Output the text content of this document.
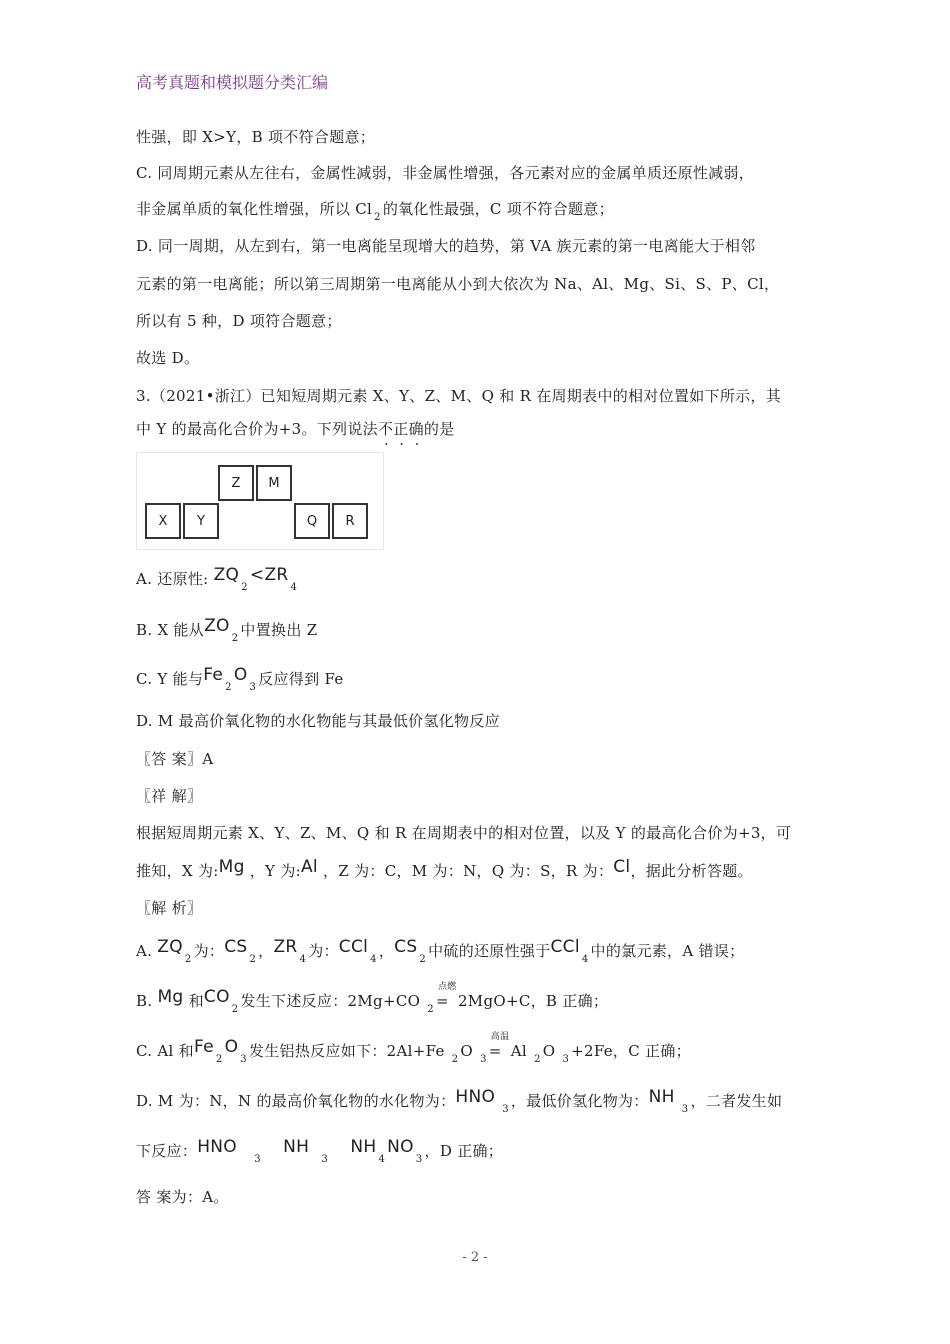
高考真题和模拟题分类汇编
性强，即 X>Y，B 项不符合题意；
C. 同周期元素从左往右，金属性减弱，非金属性增强，各元素对应的金属单质还原性减弱，
非金属单质的氧化性增强，所以 Cl $_2$ 的氧化性最强，C 项不符合题意；
D. 同一周期，从左到右，第一电离能呈现增大的趋势，第 VA 族元素的第一电离能大于相邻
元素的第一电离能；所以第三周期第一电离能从小到大依次为 Na、Al、Mg、Si、S、P、Cl，
所以有 5 种，D 项符合题意；
故选 D。
3.（2021•浙江）已知短周期元素 X、Y、Z、M、Q 和 R 在周期表中的相对位置如下所示，其
中 Y 的最高化合价为+3。下列说法不正确的是
Z	M
X	Y	Q	R
A. 还原性: $ZQ_2<ZR_4$
B. X 能从$ZO_2$ 中置换出 Z
C. Y 能与$Fe_2O_3$ 反应得到 Fe
D. M 最高价氧化物的水化物能与其最低价氢化物反应
〖答 案〗A
〖祥 解〗
根据短周期元素 X、Y、Z、M、Q 和 R 在周期表中的相对位置，以及 Y 的最高化合价为+3，可
推知，X 为:Mg ，Y 为:Al ，Z 为：C，M 为：N，Q 为：S，R 为：Cl，据此分析答题。
〖解 析〗
A. $ZQ_2$ 为：$CS_2$ ，$ZR_4$ 为：CCl$_4$ ，$CS_2$ 中硫的还原性强于CCl$_4$ 中的氯元素，A 错误；
B. Mg 和$CO_2$ 发生下述反应：2Mg+CO $_2$
点燃
= 2MgO+C，B 正确；
C. Al 和$Fe_2O_3$ 发生铝热反应如下：2Al+Fe $_2$ O $_3$
高温
= Al $_2$ O $_3$ +2Fe，C 正确；
D. M 为：N，N 的最高价氧化物的水化物为：HNO $_3$ ，最低价氢化物为：NH $_3$ ，二者发生如
下反应：HNO   $_3$    NH  $_3$    $NH_4NO_3$ ，D 正确；
答 案为：A。
- 2 -
